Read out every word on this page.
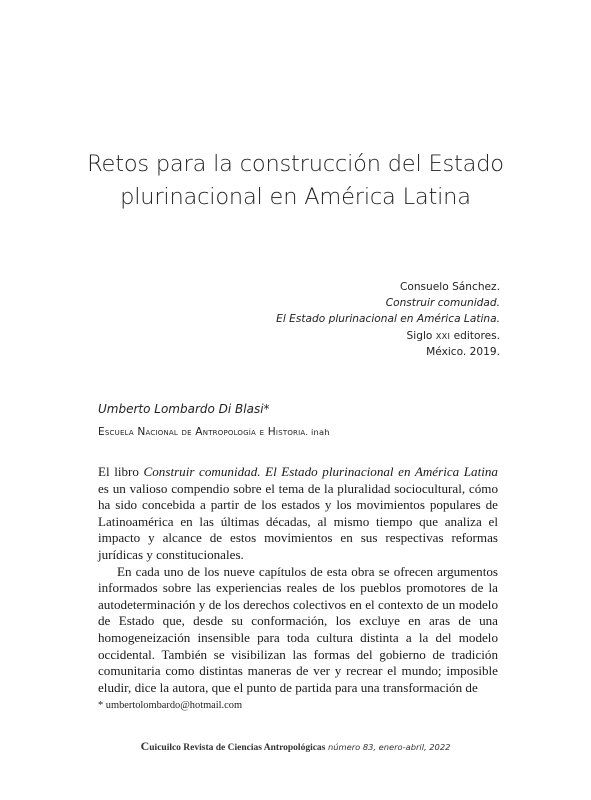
Retos para la construcción del Estado
plurinacional en América Latina
Consuelo Sánchez.
Construir comunidad.
El Estado plurinacional en América Latina.
Siglo XXI editores.
México. 2019.
Umberto Lombardo Di Blasi*
Escuela Nacional de Antropología e Historia. inah

El libro Construir comunidad. El Estado plurinacional en América Latina es un valioso compendio sobre el tema de la pluralidad sociocultural, cómo ha sido concebida a partir de los estados y los movimientos populares de Latinoamérica en las últimas décadas, al mismo tiempo que analiza el impacto y alcance de estos movimientos en sus respectivas reformas jurídicas y constitucionales.

En cada uno de los nueve capítulos de esta obra se ofrecen argumentos informados sobre las experiencias reales de los pueblos promotores de la autodeterminación y de los derechos colectivos en el contexto de un modelo de Estado que, desde su conformación, los excluye en aras de una homogeneización insensible para toda cultura distinta a la del modelo occidental. También se visibilizan las formas del gobierno de tradición comunitaria como distintas maneras de ver y recrear el mundo; imposible eludir, dice la autora, que el punto de partida para una transformación de

* umbertolombardo@hotmail.com
Cuicuilco Revista de Ciencias Antropológicas número 83, enero-abril, 2022
